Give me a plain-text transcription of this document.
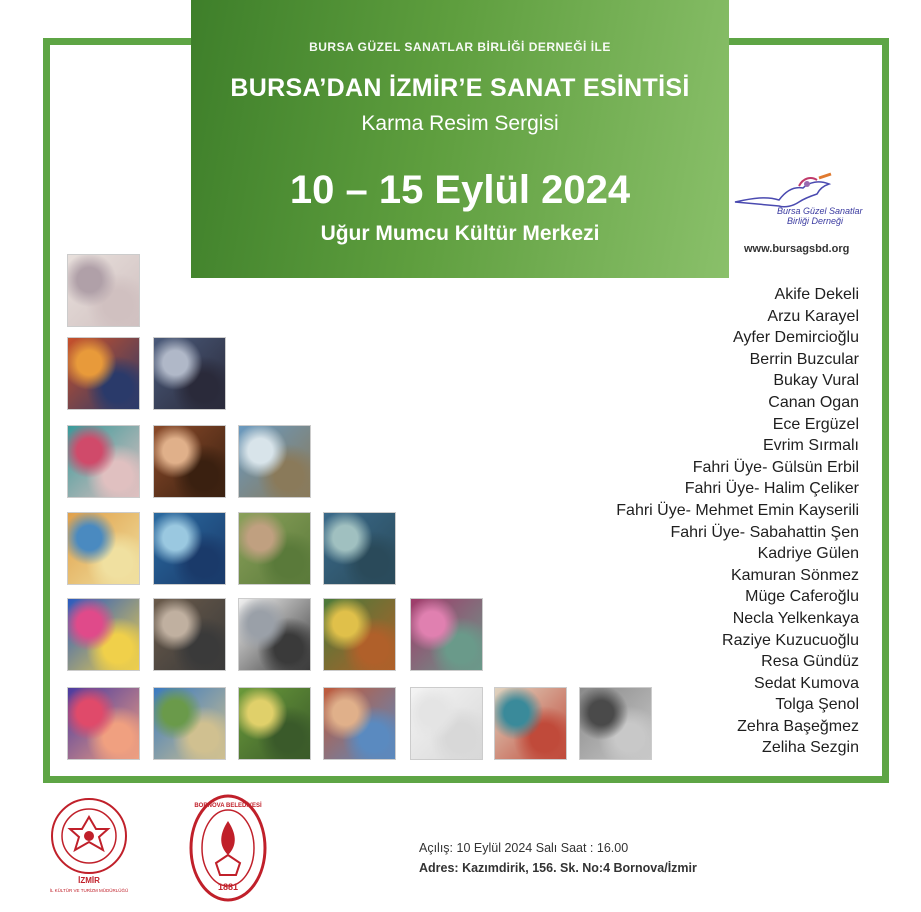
BURSA GÜZEL SANATLAR BİRLİĞİ DERNEĞİ İLE
BURSA’DAN İZMİR’E SANAT ESİNTİSİ
Karma Resim Sergisi
10 – 15 Eylül 2024
Uğur Mumcu Kültür Merkezi
Bursa Güzel Sanatlar
Birliği Derneği
www.bursagsbd.org
Akife Dekeli
Arzu Karayel
Ayfer Demircioğlu
Berrin Buzcular
Bukay Vural
Canan Ogan
Ece Ergüzel
Evrim Sırmalı
Fahri Üye- Gülsün Erbil
Fahri Üye- Halim Çeliker
Fahri Üye- Mehmet Emin Kayserili
Fahri Üye- Sabahattin Şen
Kadriye Gülen
Kamuran Sönmez
Müge Caferoğlu
Necla Yelkenkaya
Raziye Kuzucuoğlu
Resa Gündüz
Sedat Kumova
Tolga Şenol
Zehra Başeğmez
Zeliha Sezgin
İZMİR
İL KÜLTÜR VE TURİZM MÜDÜRLÜĞÜ	1881
BORNOVA BELEDİYESİ
Açılış: 10 Eylül 2024 Salı Saat : 16.00
Adres: Kazımdirik, 156. Sk. No:4 Bornova/İzmir
